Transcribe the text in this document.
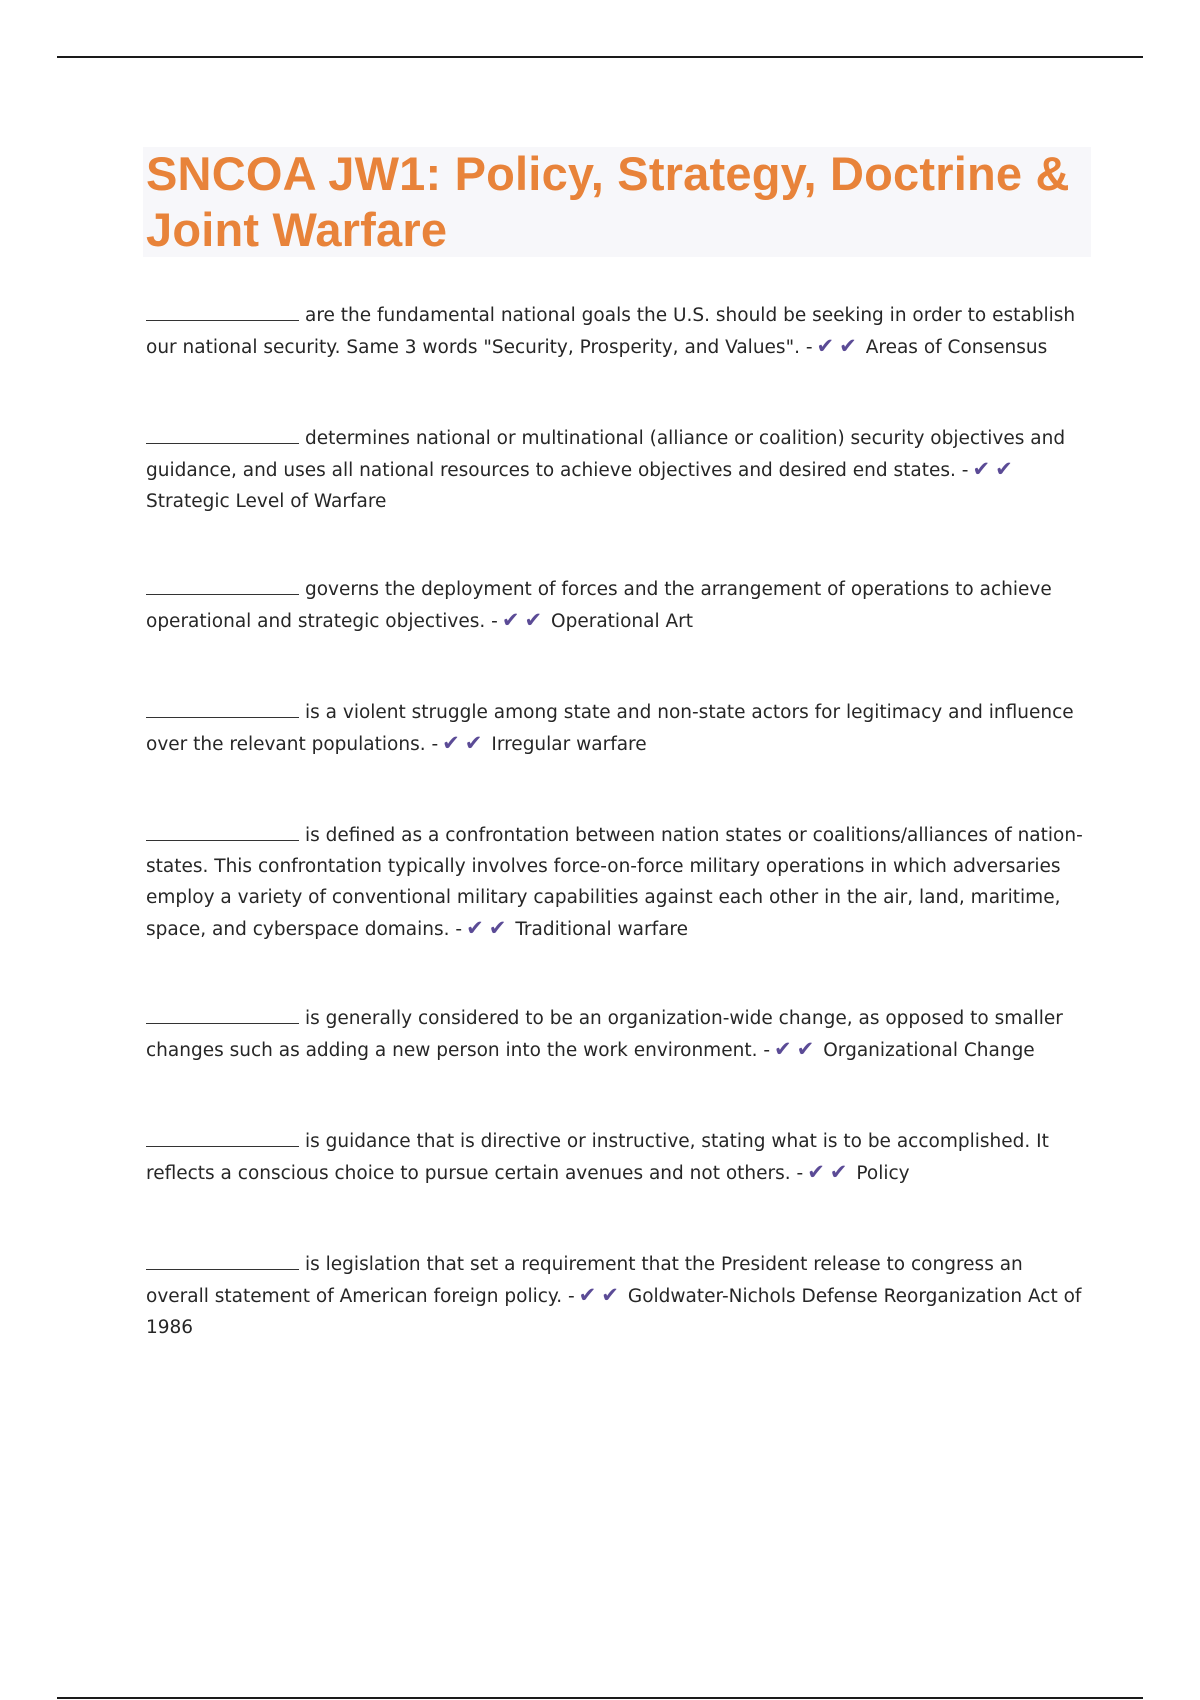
SNCOA JW1: Policy, Strategy, Doctrine & Joint Warfare

are the fundamental national goals the U.S. should be seeking in order to establish our national security. Same 3 words "Security, Prosperity, and Values". - ✔ ✔ Areas of Consensus

determines national or multinational (alliance or coalition) security objectives and guidance, and uses all national resources to achieve objectives and desired end states. - ✔ ✔Strategic Level of Warfare

governs the deployment of forces and the arrangement of operations to achieve operational and strategic objectives. - ✔ ✔ Operational Art

is a violent struggle among state and non-state actors for legitimacy and influence over the relevant populations. - ✔ ✔ Irregular warfare

is defined as a confrontation between nation states or coalitions/alliances of nation-states. This confrontation typically involves force-on-force military operations in which adversaries employ a variety of conventional military capabilities against each other in the air, land, maritime, space, and cyberspace domains. - ✔ ✔ Traditional warfare

is generally considered to be an organization-wide change, as opposed to smaller changes such as adding a new person into the work environment. - ✔ ✔ Organizational Change

is guidance that is directive or instructive, stating what is to be accomplished. It reflects a conscious choice to pursue certain avenues and not others. - ✔ ✔ Policy

is legislation that set a requirement that the President release to congress an overall statement of American foreign policy. - ✔ ✔ Goldwater-Nichols Defense Reorganization Act of 1986
